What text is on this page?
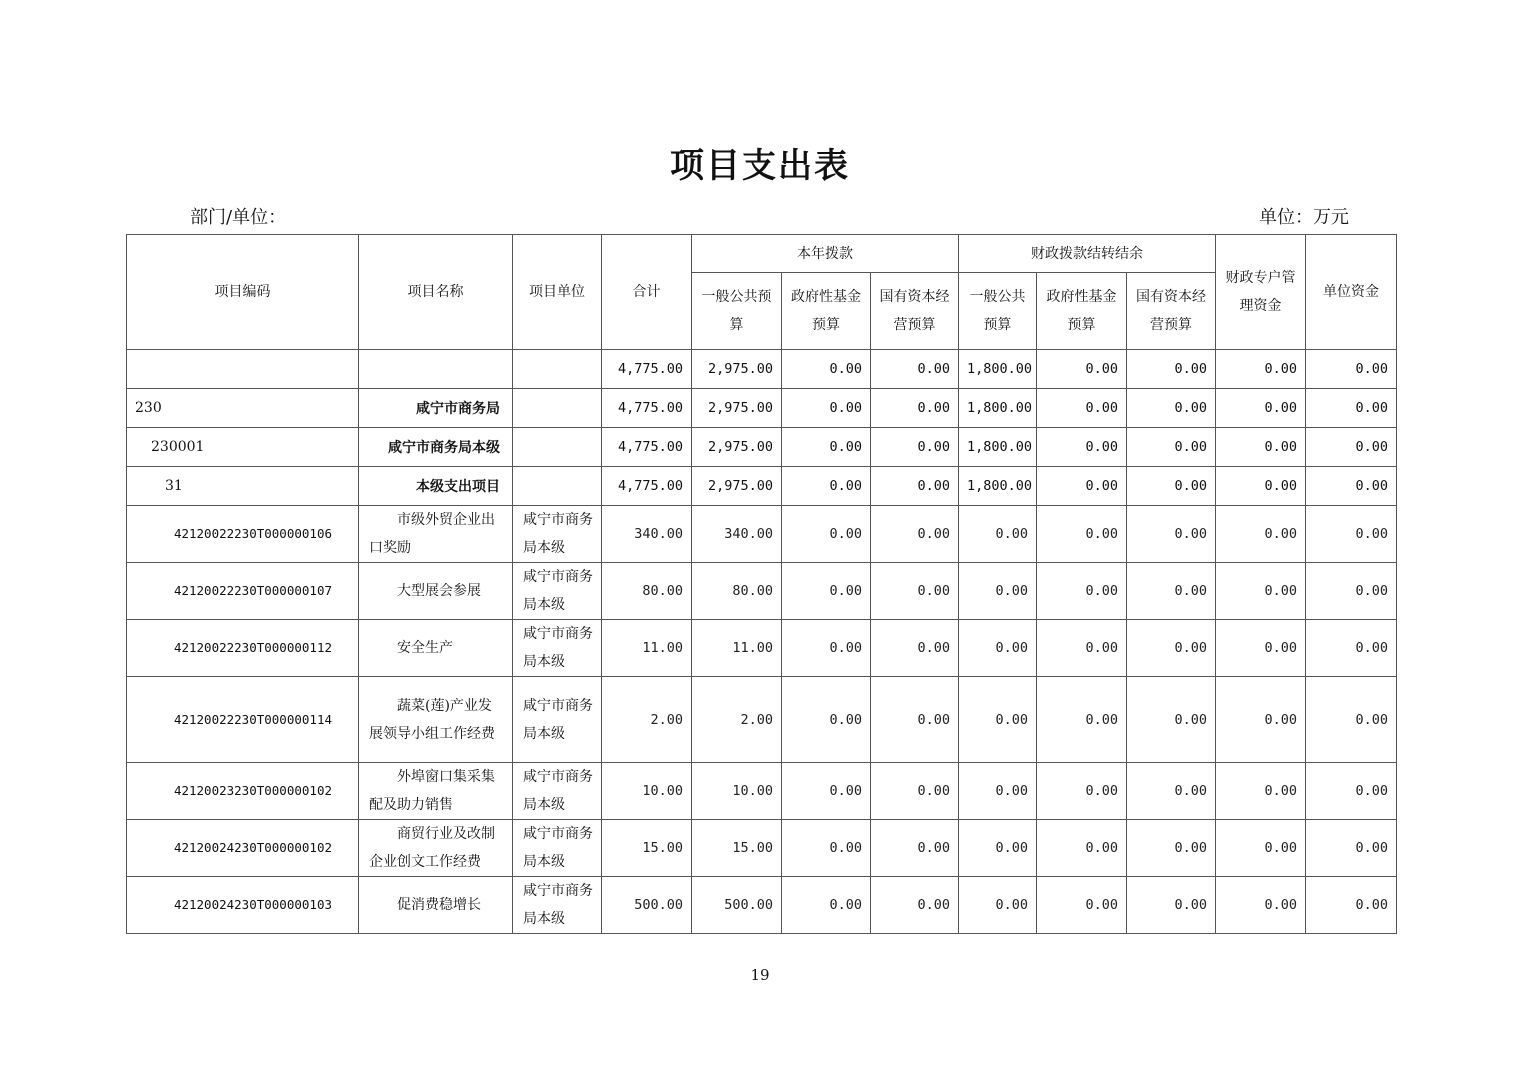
项目支出表
部门/单位：	单位：万元
项目编码	项目名称	项目单位	合计	本年拨款			财政拨款结转结余			财政专户管理资金	单位资金
				一般公共预算	政府性基金预算	国有资本经营预算	一般公共预算	政府性基金预算	国有资本经营预算		
			4,775.00	2,975.00	0.00	0.00	1,800.00	0.00	0.00	0.00	0.00
230	咸宁市商务局		4,775.00	2,975.00	0.00	0.00	1,800.00	0.00	0.00	0.00	0.00
230001	咸宁市商务局本级		4,775.00	2,975.00	0.00	0.00	1,800.00	0.00	0.00	0.00	0.00
31	本级支出项目		4,775.00	2,975.00	0.00	0.00	1,800.00	0.00	0.00	0.00	0.00
42120022230T000000106	市级外贸企业出口奖励	咸宁市商务局本级	340.00	340.00	0.00	0.00	0.00	0.00	0.00	0.00	0.00
42120022230T000000107	大型展会参展	咸宁市商务局本级	80.00	80.00	0.00	0.00	0.00	0.00	0.00	0.00	0.00
42120022230T000000112	安全生产	咸宁市商务局本级	11.00	11.00	0.00	0.00	0.00	0.00	0.00	0.00	0.00
42120022230T000000114	蔬菜(莲)产业发展领导小组工作经费	咸宁市商务局本级	2.00	2.00	0.00	0.00	0.00	0.00	0.00	0.00	0.00
42120023230T000000102	外埠窗口集采集配及助力销售	咸宁市商务局本级	10.00	10.00	0.00	0.00	0.00	0.00	0.00	0.00	0.00
42120024230T000000102	商贸行业及改制企业创文工作经费	咸宁市商务局本级	15.00	15.00	0.00	0.00	0.00	0.00	0.00	0.00	0.00
42120024230T000000103	促消费稳增长	咸宁市商务局本级	500.00	500.00	0.00	0.00	0.00	0.00	0.00	0.00	0.00
19
